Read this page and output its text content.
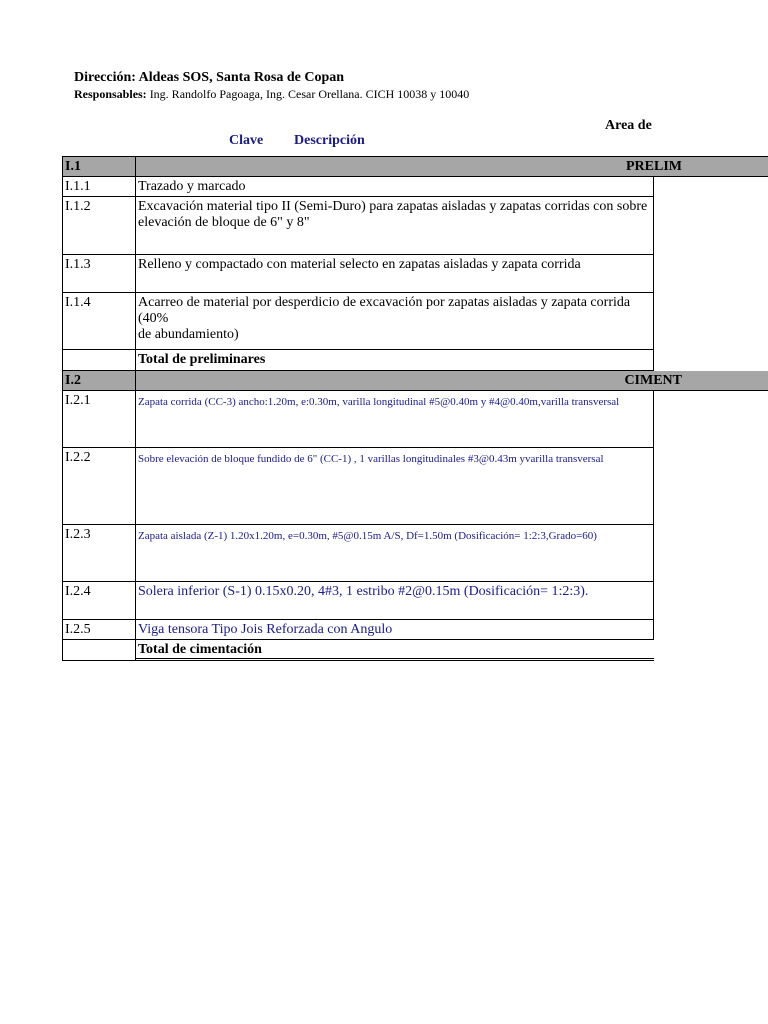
Dirección: Aldeas SOS, Santa Rosa de Copan
Responsables: Ing. Randolfo Pagoaga, Ing. Cesar Orellana. CICH 10038 y 10040
Area de
Clave Descripción
I.1	PRELIM
I.1.1	Trazado y marcado
I.1.2	Excavación material tipo II (Semi-Duro) para zapatas aisladas y zapatas corridas con sobre
elevación de bloque de 6" y 8"
I.1.3	Relleno y compactado con material selecto en zapatas aisladas y zapata corrida
I.1.4	Acarreo de material por desperdicio de excavación por zapatas aisladas y zapata corrida
(40%
de abundamiento)
Total de preliminares
I.2	CIMENT
I.2.1	Zapata corrida (CC-3) ancho:1.20m, e:0.30m, varilla longitudinal #5@0.40m y #4@0.40m,varilla transversal
I.2.2	Sobre elevación de bloque fundido de 6" (CC-1) , 1 varillas longitudinales #3@0.43m yvarilla transversal
I.2.3	Zapata aislada (Z-1) 1.20x1.20m, e=0.30m, #5@0.15m A/S, Df=1.50m (Dosificación= 1:2:3,Grado=60)
I.2.4	Solera inferior (S-1) 0.15x0.20, 4#3, 1 estribo #2@0.15m (Dosificación= 1:2:3).
I.2.5	Viga tensora Tipo Jois Reforzada con Angulo
Total de cimentación
